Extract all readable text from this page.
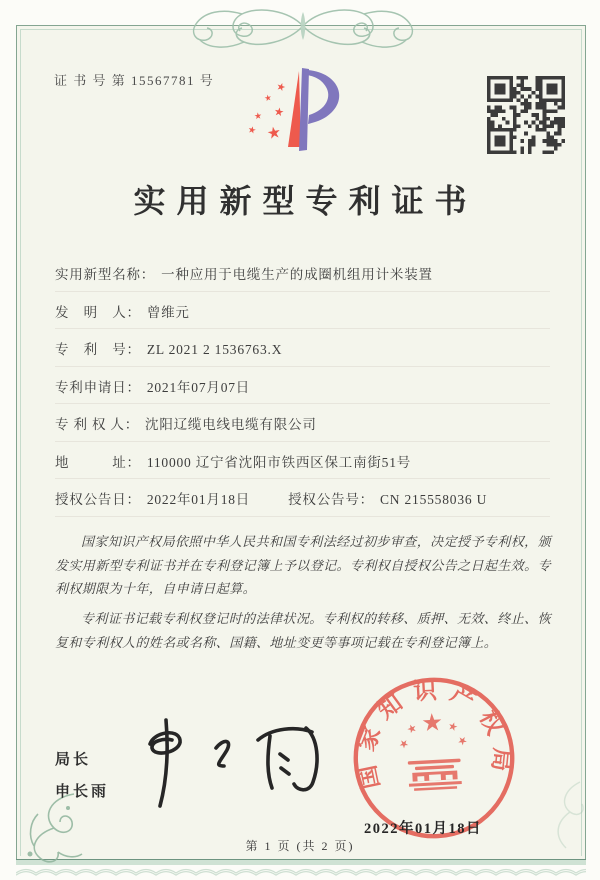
证 书 号 第 15567781 号
实用新型专利证书
实用新型名称： 一种应用于电缆生产的成圈机组用计米装置
发　明　人： 曾维元
专　利　号： ZL 2021 2 1536763.X
专利申请日： 2021年07月07日
专 利 权 人： 沈阳辽缆电线电缆有限公司
地　　　址： 110000 辽宁省沈阳市铁西区保工南街51号
授权公告日： 2022年01月18日	授权公告号： CN 215558036 U

国家知识产权局依照中华人民共和国专利法经过初步审查，决定授予专利权，颁发实用新型专利证书并在专利登记簿上予以登记。专利权自授权公告之日起生效。专利权期限为十年，自申请日起算。

专利证书记载专利权登记时的法律状况。专利权的转移、质押、无效、终止、恢复和专利权人的姓名或名称、国籍、地址变更等事项记载在专利登记簿上。

局长
申长雨
国家知识产权局
2022年01月18日
第 1 页 (共 2 页)
